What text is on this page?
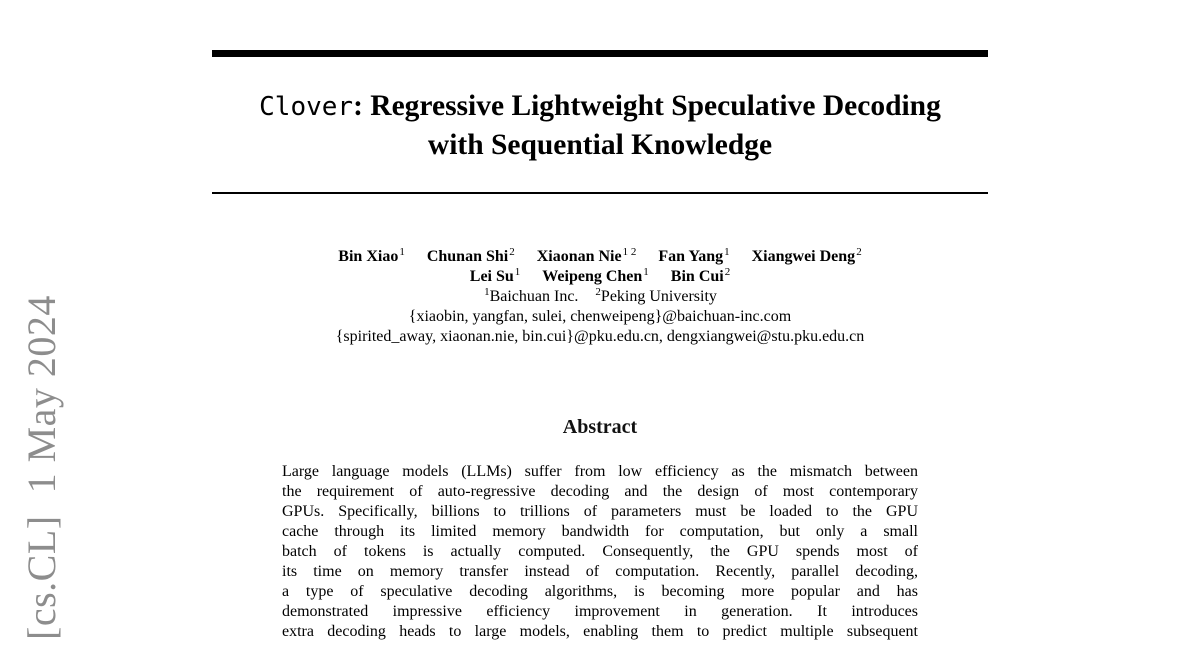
[cs.CL]1 May 2024
Clover: Regressive Lightweight Speculative Decoding
with Sequential Knowledge
Bin Xiao$^1$ Chunan Shi$^2$ Xiaonan Nie$^{1 2}$ Fan Yang$^1$ Xiangwei Deng$^2$
Lei Su$^1$ Weipeng Chen$^1$ Bin Cui$^2$
$^1$Baichuan Inc. $^2$Peking University
{xiaobin, yangfan, sulei, chenweipeng}@baichuan-inc.com
{spirited_away, xiaonan.nie, bin.cui}@pku.edu.cn, dengxiangwei@stu.pku.edu.cn
Abstract
Large language models (LLMs) suffer from low efficiency as the mismatch between
the requirement of auto-regressive decoding and the design of most contemporary
GPUs. Specifically, billions to trillions of parameters must be loaded to the GPU
cache through its limited memory bandwidth for computation, but only a small
batch of tokens is actually computed. Consequently, the GPU spends most of
its time on memory transfer instead of computation. Recently, parallel decoding,
a type of speculative decoding algorithms, is becoming more popular and has
demonstrated impressive efficiency improvement in generation. It introduces
extra decoding heads to large models, enabling them to predict multiple subsequent
